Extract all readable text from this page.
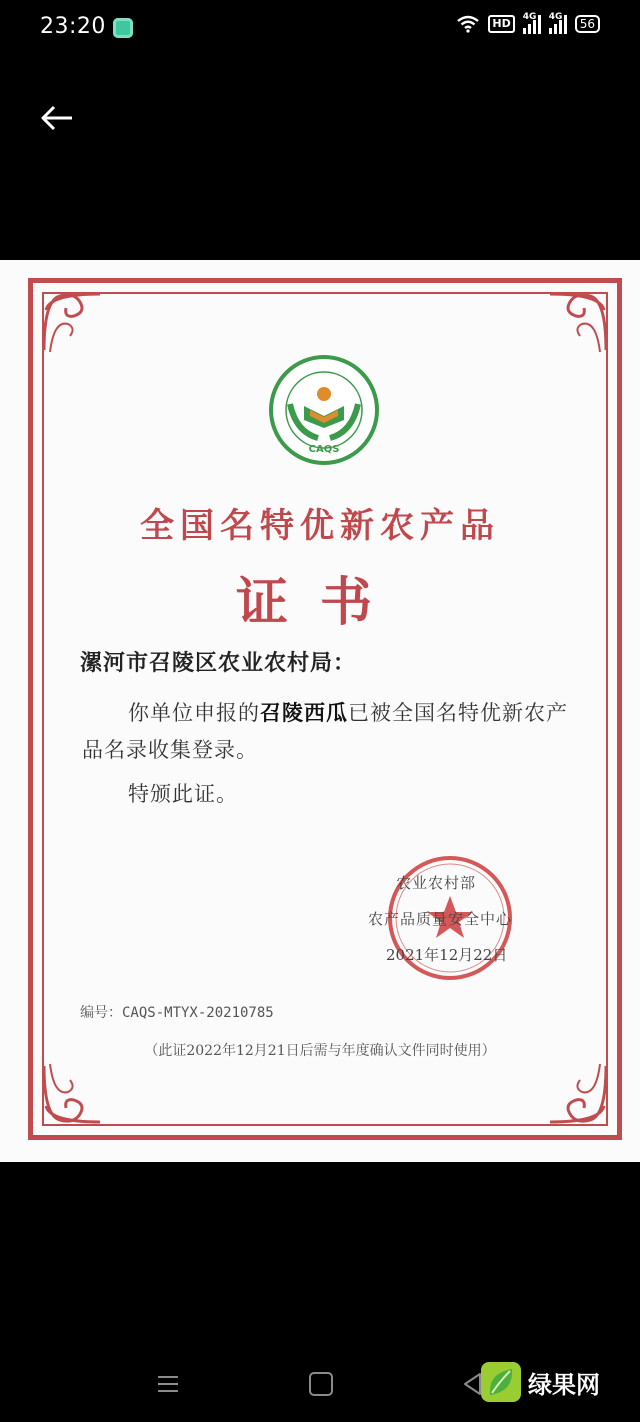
23:20	HD	4G 4G	56
CAQS
全国名特优新农产品
证书
漯河市召陵区农业农村局：
你单位申报的召陵西瓜已被全国名特优新农产品名录收集登录。
特颁此证。
农业农村部
农产品质量安全中心
2021年12月22日
编号：CAQS-MTYX-20210785
（此证2022年12月21日后需与年度确认文件同时使用）
绿果网
